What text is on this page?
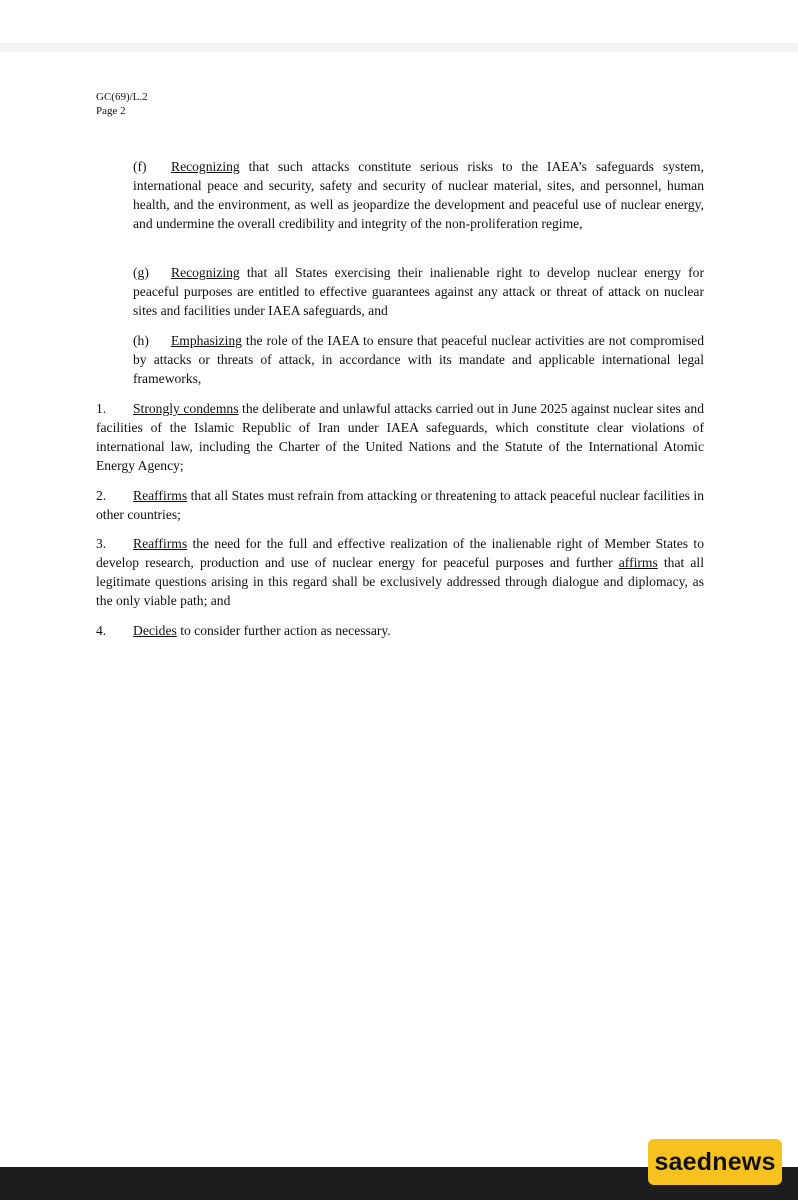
GC(69)/L.2
Page 2
(f) Recognizing that such attacks constitute serious risks to the IAEA’s safeguards system, international peace and security, safety and security of nuclear material, sites, and personnel, human health, and the environment, as well as jeopardize the development and peaceful use of nuclear energy, and undermine the overall credibility and integrity of the non-proliferation regime,
(g) Recognizing that all States exercising their inalienable right to develop nuclear energy for peaceful purposes are entitled to effective guarantees against any attack or threat of attack on nuclear sites and facilities under IAEA safeguards, and
(h) Emphasizing the role of the IAEA to ensure that peaceful nuclear activities are not compromised by attacks or threats of attack, in accordance with its mandate and applicable international legal frameworks,
1. Strongly condemns the deliberate and unlawful attacks carried out in June 2025 against nuclear sites and facilities of the Islamic Republic of Iran under IAEA safeguards, which constitute clear violations of international law, including the Charter of the United Nations and the Statute of the International Atomic Energy Agency;
2. Reaffirms that all States must refrain from attacking or threatening to attack peaceful nuclear facilities in other countries;
3. Reaffirms the need for the full and effective realization of the inalienable right of Member States to develop research, production and use of nuclear energy for peaceful purposes and further affirms that all legitimate questions arising in this regard shall be exclusively addressed through dialogue and diplomacy, as the only viable path; and
4. Decides to consider further action as necessary.
saednews
